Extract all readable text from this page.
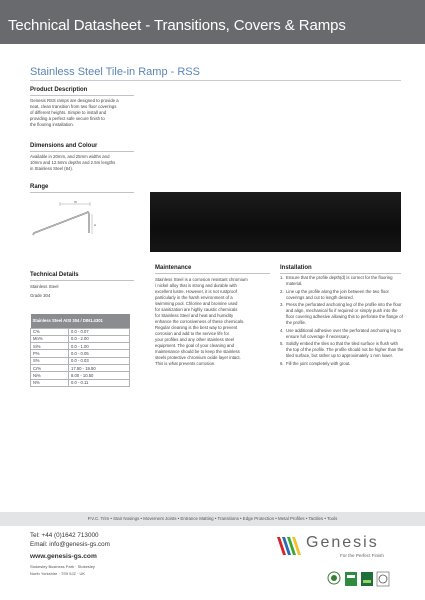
Technical Datasheet - Transitions, Covers & Ramps
Stainless Steel Tile-in Ramp - RSS
Product Description
Genesis RSS ramps are designed to provide a
neat, clean transition from two floor coverings
of different heights. Simple to install and
providing a perfect safe secure finish to
the flooring installation.
Dimensions and Colour
Available in 20mm, and 25mm widths and
10mm and 12.5mm depths and 2.5m lengths
in Stainless Steel (84).
Range
W
H
Technical Details
Stainless Steel
Grade 304
Stainless Steel AISI 304 / DIN1.4301	
C%	0.0 - 0.07
Mn%	0.0 - 2.00
Si%	0.0 - 1.00
P%	0.0 - 0.05
S%	0.0 - 0.03
Cr%	17.50 - 19.50
Ni%	8.00 - 10.50
N%	0.0 - 0.11
Maintenance
Stainless Steel is a corrosion resistant chromium
/ nickel alloy that is strong and durable with
excellent lustre. However, it is not rustproof
particularly in the harsh environment of a
swimming pool. Chlorine and bromine used
for sanitization are highly caustic chemicals
for Stainless Steel and heat and humidity
enhance the corrosiveness of these chemicals.
Regular cleaning is the best way to prevent
corrosion and add to the service life for
your profiles and any other stainless steel
equipment. The goal of your cleaning and
maintenance should be to keep the stainless
steels protective chromium oxide layer intact.
This is what prevents corrosion.
Installation
1. Ensure that the profile depth(d) is correct for the flooring material.
2. Line up the profile along the join between the two floor coverings and cut to length desired.
3. Press the perforated anchoring leg of the profile into the floor and align, mechanical fix if required or simply push into the floor covering adhesive allowing this to perforate the flange of the profile.
4. Use additional adhesive over the perforated anchoring leg to ensure full coverage if necessary.
5. Solidly embed the tiles so that the tiled surface is flush with the top of the profile. The profile should not be higher than the tiled surface, but rather up to approximately 1 mm lower.
6. Fill the joint completely with grout.
P.V.C. Trim • Stair Nosings • Movement Joints • Entrance Matting • Transitions • Edge Protection • Metal Profiles • Tactiles • Tools
Tel: +44 (0)1642 713000
Email: info@genesis-gs.com
www.genesis-gs.com
Stokesley Business Park · Stokesley
North Yorkshire · TS9 5JZ · UK
Genesis
For the Perfect Finish
